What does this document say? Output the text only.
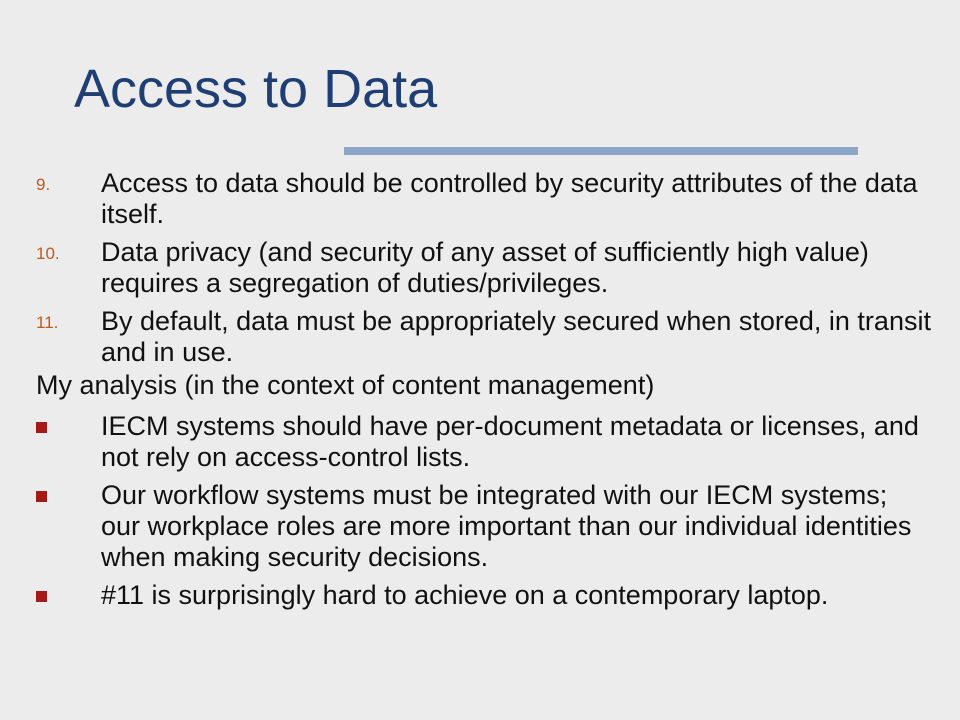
Access to Data
9. Access to data should be controlled by security attributes of the data itself.
10. Data privacy (and security of any asset of sufficiently high value) requires a segregation of duties/privileges.
11. By default, data must be appropriately secured when stored, in transit and in use.
My analysis (in the context of content management)
IECM systems should have per-document metadata or licenses, and not rely on access-control lists.
Our workflow systems must be integrated with our IECM systems; our workplace roles are more important than our individual identities when making security decisions.
#11 is surprisingly hard to achieve on a contemporary laptop.
